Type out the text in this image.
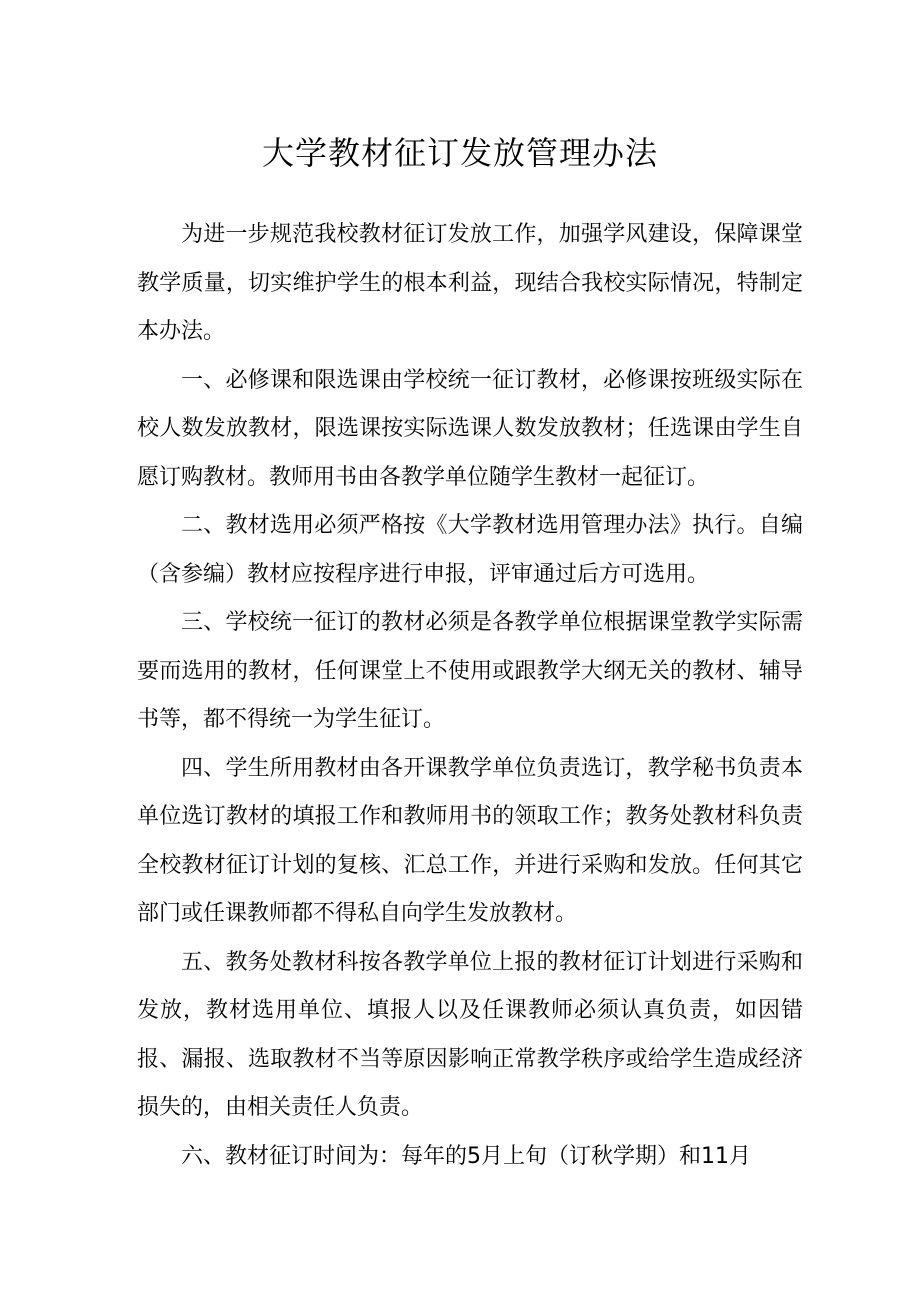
大学教材征订发放管理办法

为进一步规范我校教材征订发放工作，加强学风建设，保障课堂教学质量，切实维护学生的根本利益，现结合我校实际情况，特制定本办法。

一、必修课和限选课由学校统一征订教材，必修课按班级实际在校人数发放教材，限选课按实际选课人数发放教材；任选课由学生自愿订购教材。教师用书由各教学单位随学生教材一起征订。

二、教材选用必须严格按《大学教材选用管理办法》执行。自编（含参编）教材应按程序进行申报，评审通过后方可选用。

三、学校统一征订的教材必须是各教学单位根据课堂教学实际需要而选用的教材，任何课堂上不使用或跟教学大纲无关的教材、辅导书等，都不得统一为学生征订。

四、学生所用教材由各开课教学单位负责选订，教学秘书负责本单位选订教材的填报工作和教师用书的领取工作；教务处教材科负责全校教材征订计划的复核、汇总工作，并进行采购和发放。任何其它部门或任课教师都不得私自向学生发放教材。

五、教务处教材科按各教学单位上报的教材征订计划进行采购和发放，教材选用单位、填报人以及任课教师必须认真负责，如因错报、漏报、选取教材不当等原因影响正常教学秩序或给学生造成经济损失的，由相关责任人负责。

六、教材征订时间为：每年的5月上旬（订秋学期）和11月
